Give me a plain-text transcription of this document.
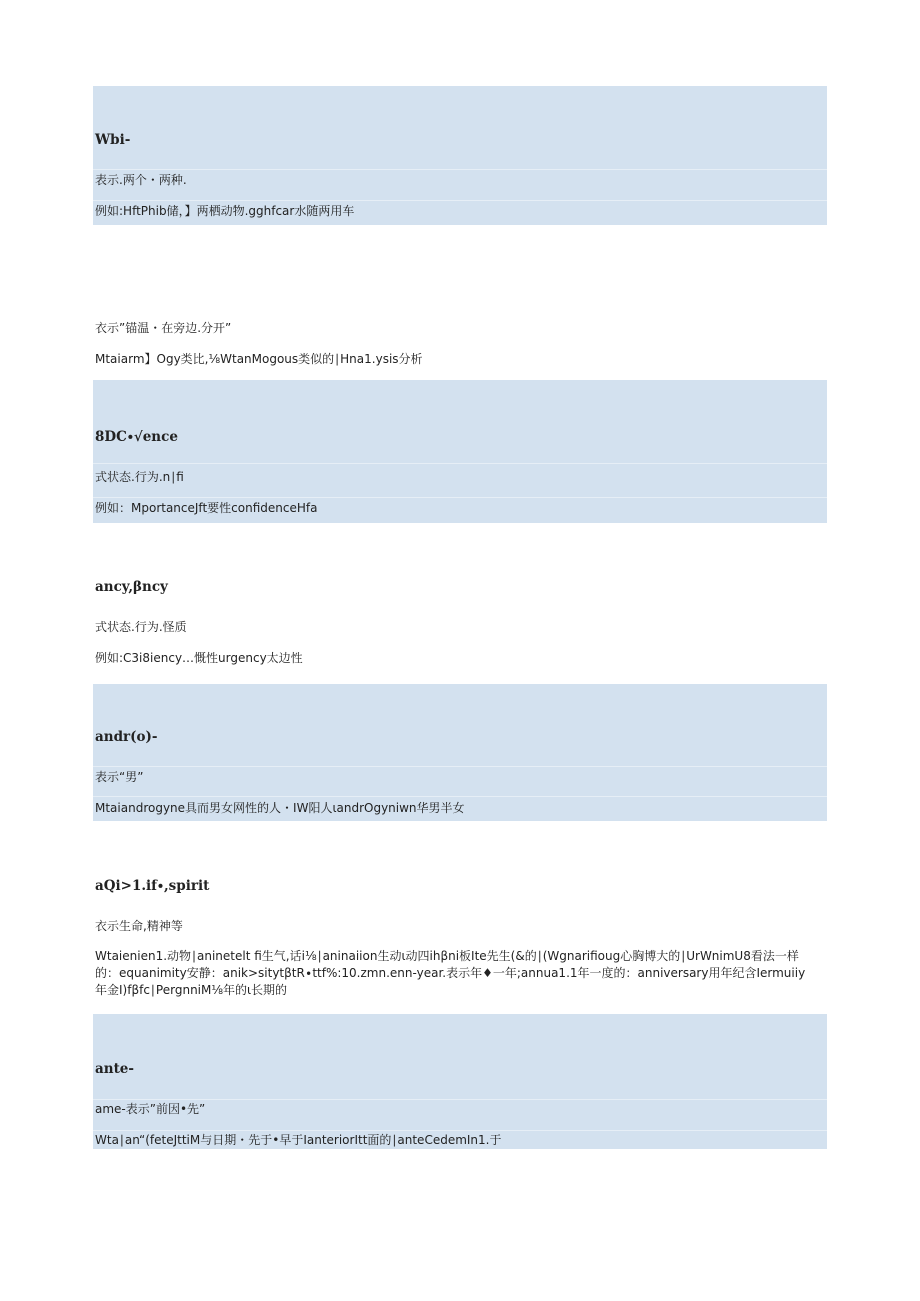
Wbi-
表示.两个・两种.
例如:HftPhib储，】两栖动物.gghfcar水随两用车
衣示”锚温・在旁边.分开”
Mtaiarm】Ogy类比,⅛WtanMogous类似的∣Hna1.ysis分析
8DC∙√ence
式状态.行为.n∣fi
例如：MportanceJft要性confidenceHfa
ancy,βncy
式状态.行为.怪质
例如:C3i8iency…慨性urgency太边性
andr(o)-
表示“男”
Mtaiandrogyne具而男女网性的人・IW阳人ιandrOgyniwn华男半女
aQi>1.if∙,spirit
衣示生命,精神等
Wtaienien1.动物∣aninetelt fi生气,话i⅛∣aninaiion生动ι动四ihβni板Ite先生(&的∣(Wgnarifioug心胸博大的∣UrWnimU8看法一样的：equanimity安静：anik>sitytβtR∙ttf%:10.zmn.enn-year.表示年♦一年;annua1.1年一度的：anniversary用年纪含Iermuiiy年金I)fβfc∣PergnniM⅛年的ι长期的
ante-
ame-表示”前因•先”
Wta∣an“(feteJttiM与日期・先于•早于IanteriorItt面的∣anteCedemIn1.于
